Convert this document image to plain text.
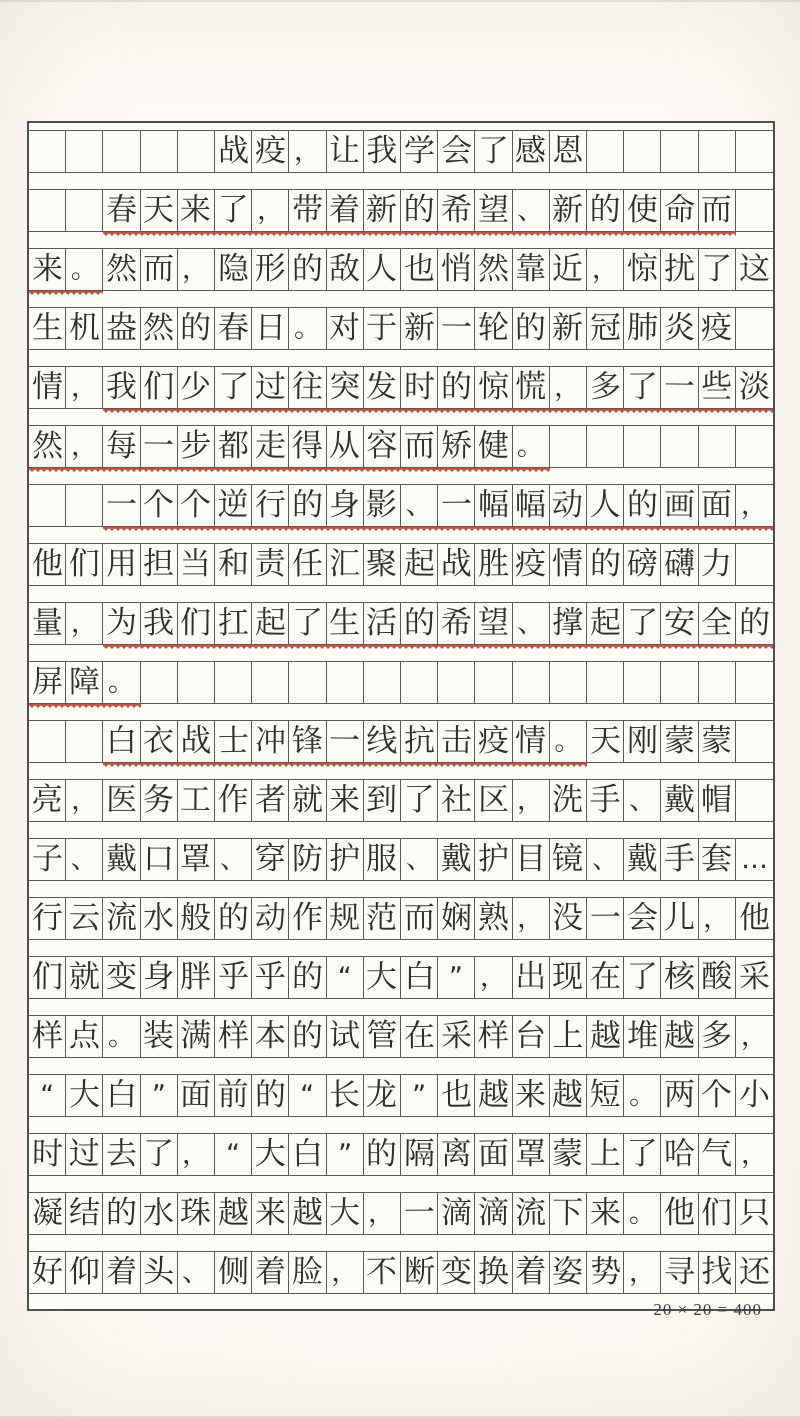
战 疫 ， 让 我 学 会 了 感 恩
春 天 来 了 ， 带 着 新 的 希 望 、 新 的 使 命 而
来 。 然 而 ， 隐 形 的 敌 人 也 悄 然 靠 近 ， 惊 扰 了 这
生 机 盎 然 的 春 日 。 对 于 新 一 轮 的 新 冠 肺 炎 疫
情 ， 我 们 少 了 过 往 突 发 时 的 惊 慌 ， 多 了 一 些 淡
然 ， 每 一 步 都 走 得 从 容 而 矫 健 。
一 个 个 逆 行 的 身 影 、 一 幅 幅 动 人 的 画 面 ，
他 们 用 担 当 和 责 任 汇 聚 起 战 胜 疫 情 的 磅 礴 力
量 ， 为 我 们 扛 起 了 生 活 的 希 望 、 撑 起 了 安 全 的
屏 障 。
白 衣 战 士 冲 锋 一 线 抗 击 疫 情 。 天 刚 蒙 蒙
亮 ， 医 务 工 作 者 就 来 到 了 社 区 ， 洗 手 、 戴 帽
子 、 戴 口 罩 、 穿 防 护 服 、 戴 护 目 镜 、 戴 手 套 …
行 云 流 水 般 的 动 作 规 范 而 娴 熟 ， 没 一 会 儿 ， 他
们 就 变 身 胖 乎 乎 的 “ 大 白 ” ， 出 现 在 了 核 酸 采
样 点 。 装 满 样 本 的 试 管 在 采 样 台 上 越 堆 越 多 ，
“ 大 白 ” 面 前 的 “ 长 龙 ” 也 越 来 越 短 。 两 个 小
时 过 去 了 ， “ 大 白 ” 的 隔 离 面 罩 蒙 上 了 哈 气 ，
凝 结 的 水 珠 越 来 越 大 ， 一 滴 滴 流 下 来 。 他 们 只
好 仰 着 头 、 侧 着 脸 ， 不 断 变 换 着 姿 势 ， 寻 找 还
20 × 20 = 400
